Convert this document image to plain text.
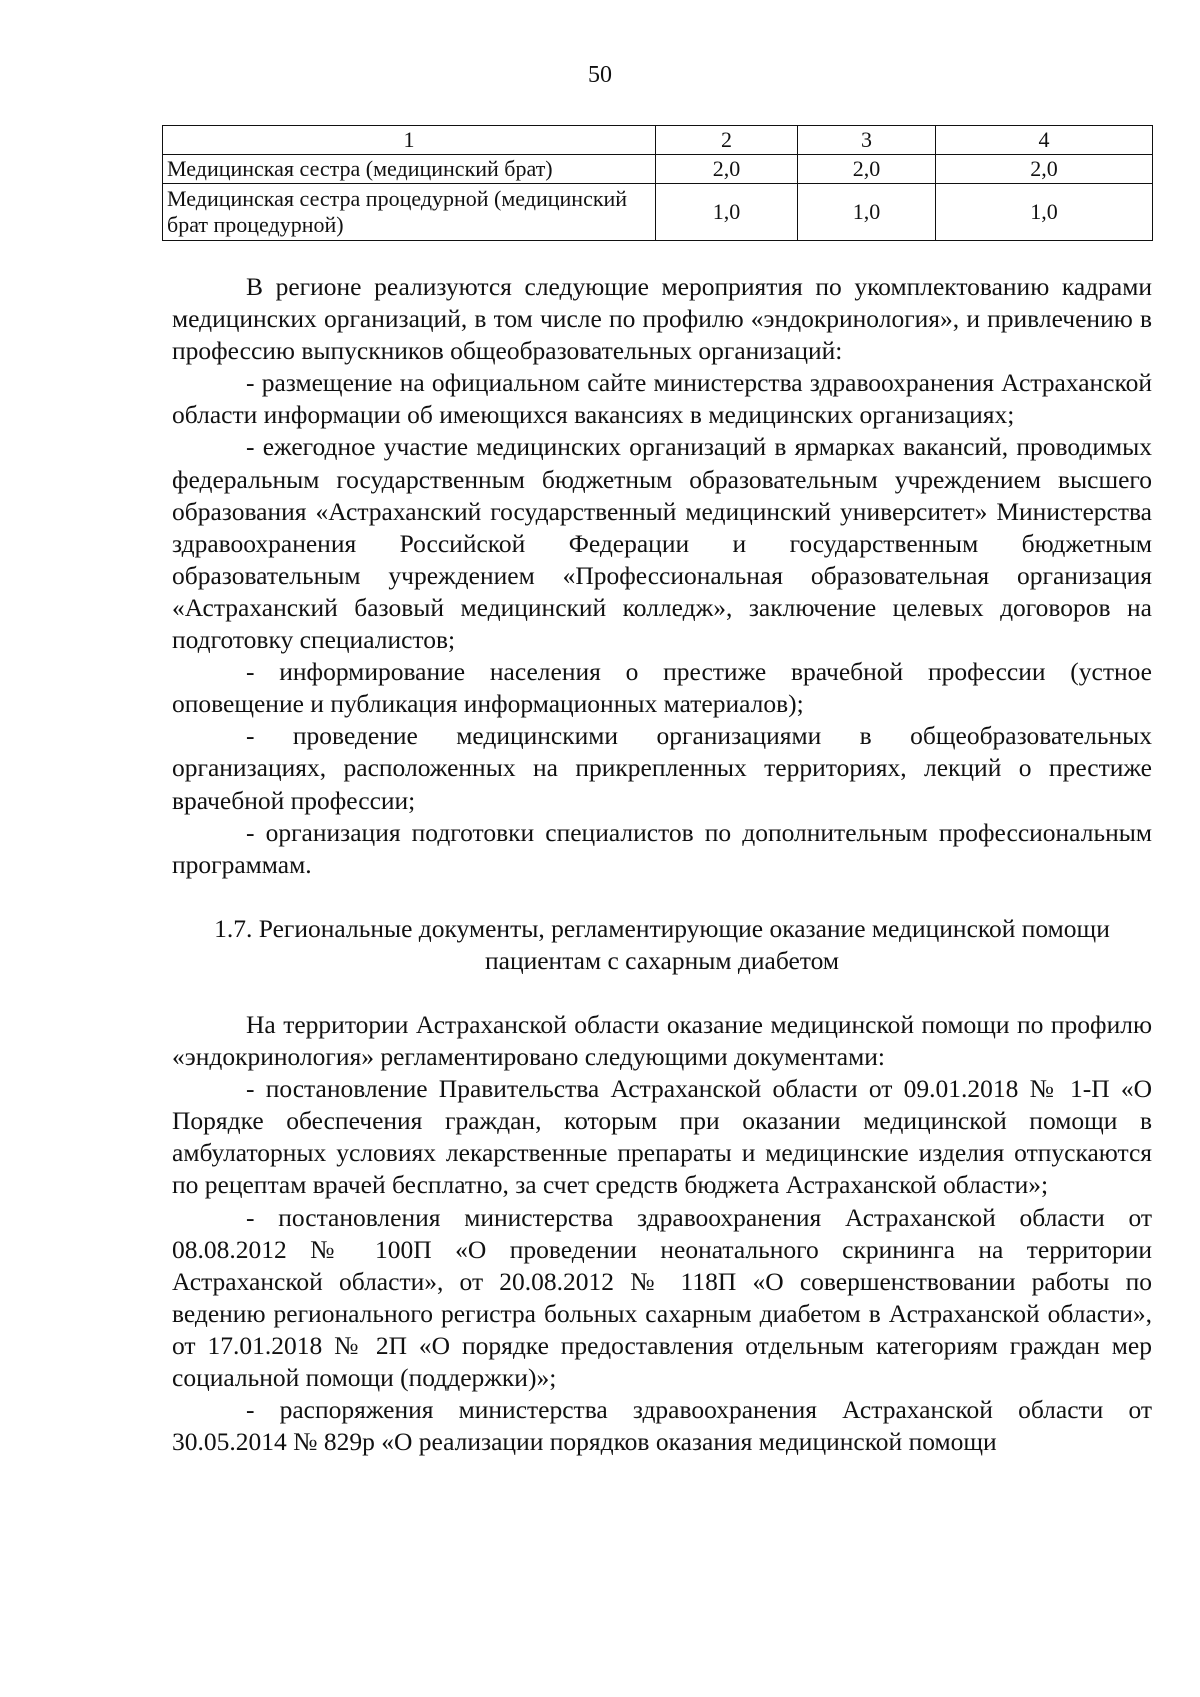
50
1	2	3	4
Медицинская сестра (медицинский брат)	2,0	2,0	2,0
Медицинская сестра процедурной (медицинский брат процедурной)	1,0	1,0	1,0

В регионе реализуются следующие мероприятия по укомплектованию кадрами медицинских организаций, в том числе по профилю «эндокринология», и привлечению в профессию выпускников общеобразовательных организаций:

- размещение на официальном сайте министерства здравоохранения Астраханской области информации об имеющихся вакансиях в медицинских организациях;

- ежегодное участие медицинских организаций в ярмарках вакансий, проводимых федеральным государственным бюджетным образовательным учреждением высшего образования «Астраханский государственный медицинский университет» Министерства здравоохранения Российской Федерации и государственным бюджетным образовательным учреждением «Профессиональная образовательная организация «Астраханский базовый медицинский колледж», заключение целевых договоров на подготовку специалистов;

- информирование населения о престиже врачебной профессии (устное оповещение и публикация информационных материалов);

- проведение медицинскими организациями в общеобразовательных организациях, расположенных на прикрепленных территориях, лекций о престиже врачебной профессии;

- организация подготовки специалистов по дополнительным профессиональным программам.

1.7. Региональные документы, регламентирующие оказание медицинской помощи пациентам с сахарным диабетом

На территории Астраханской области оказание медицинской помощи по профилю «эндокринология» регламентировано следующими документами:

- постановление Правительства Астраханской области от 09.01.2018 № 1-П «О Порядке обеспечения граждан, которым при оказании медицинской помощи в амбулаторных условиях лекарственные препараты и медицинские изделия отпускаются по рецептам врачей бесплатно, за счет средств бюджета Астраханской области»;

- постановления министерства здравоохранения Астраханской области от 08.08.2012 № 100П «О проведении неонатального скрининга на территории Астраханской области», от 20.08.2012 № 118П «О совершенствовании работы по ведению регионального регистра больных сахарным диабетом в Астраханской области», от 17.01.2018 № 2П «О порядке предоставления отдельным категориям граждан мер социальной помощи (поддержки)»;

- распоряжения министерства здравоохранения Астраханской области от 30.05.2014 № 829р «О реализации порядков оказания медицинской помощи
